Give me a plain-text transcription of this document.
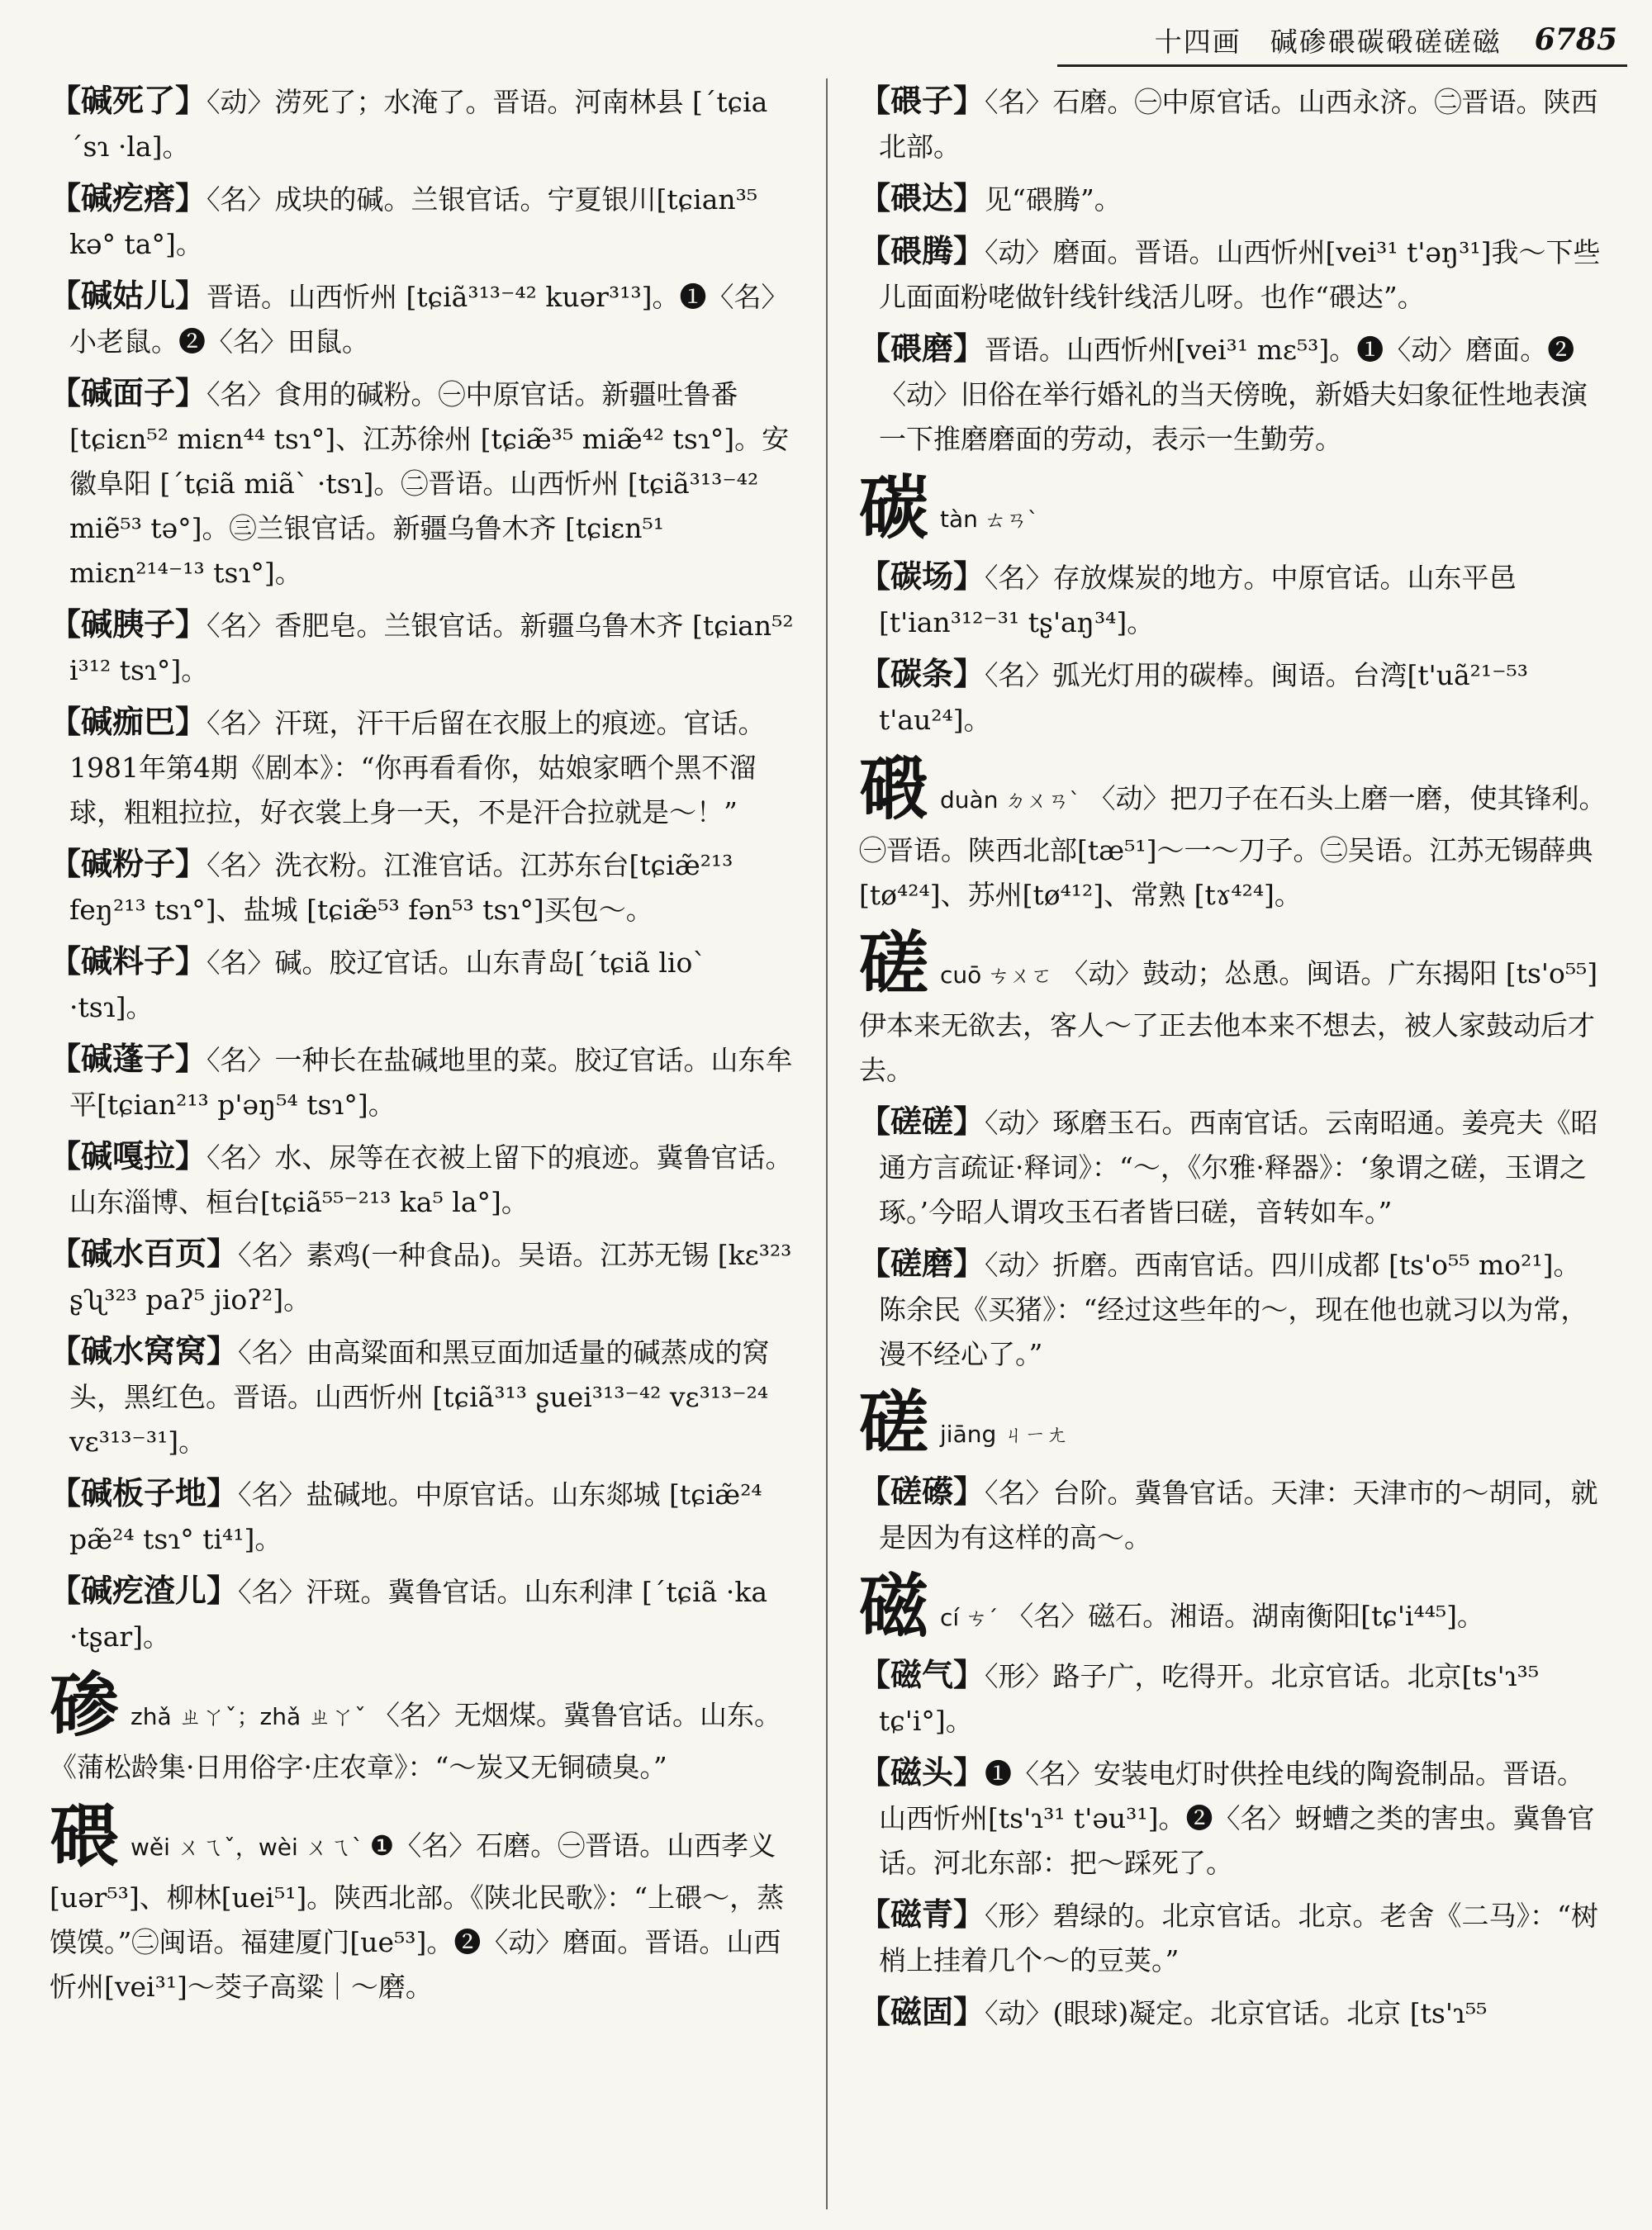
十四画　碱碜碨碳碫磋磋磁 6785
【碱死了】〈动〉涝死了；水淹了。晋语。河南林县 [ˊtɕia ˊsɿ ·la]。
【碱疙瘩】〈名〉成块的碱。兰银官话。宁夏银川[tɕian³⁵ kə° ta°]。
【碱姑儿】晋语。山西忻州 [tɕiã³¹³⁻⁴² kuər³¹³]。❶〈名〉小老鼠。❷〈名〉田鼠。
【碱面子】〈名〉食用的碱粉。㊀中原官话。新疆吐鲁番 [tɕiɛn⁵² miɛn⁴⁴ tsɿ°]、江苏徐州 [tɕiæ̃³⁵ miæ̃⁴² tsɿ°]。安徽阜阳 [ˊtɕiã miãˋ ·tsɿ]。㊁晋语。山西忻州 [tɕiã³¹³⁻⁴² miẽ⁵³ tə°]。㊂兰银官话。新疆乌鲁木齐 [tɕiɛn⁵¹ miɛn²¹⁴⁻¹³ tsɿ°]。
【碱胰子】〈名〉香肥皂。兰银官话。新疆乌鲁木齐 [tɕian⁵² i³¹² tsɿ°]。
【碱痂巴】〈名〉汗斑，汗干后留在衣服上的痕迹。官话。1981年第4期《剧本》：“你再看看你，姑娘家晒个黑不溜球，粗粗拉拉，好衣裳上身一天，不是汗合拉就是～！”
【碱粉子】〈名〉洗衣粉。江淮官话。江苏东台[tɕiæ̃²¹³ feŋ²¹³ tsɿ°]、盐城 [tɕiæ̃⁵³ fən⁵³ tsɿ°]买包～。
【碱料子】〈名〉碱。胶辽官话。山东青岛[ˊtɕiã lioˋ ·tsɿ]。
【碱蓬子】〈名〉一种长在盐碱地里的菜。胶辽官话。山东牟平[tɕian²¹³ p'əŋ⁵⁴ tsɿ°]。
【碱嘎拉】〈名〉水、尿等在衣被上留下的痕迹。冀鲁官话。山东淄博、桓台[tɕiã⁵⁵⁻²¹³ ka⁵ la°]。
【碱水百页】〈名〉素鸡(一种食品)。吴语。江苏无锡 [kɛ³²³ ʂʯ³²³ paʔ⁵ jioʔ²]。
【碱水窝窝】〈名〉由高粱面和黑豆面加适量的碱蒸成的窝头，黑红色。晋语。山西忻州 [tɕiã³¹³ ʂuei³¹³⁻⁴² vɛ³¹³⁻²⁴ vɛ³¹³⁻³¹]。
【碱板子地】〈名〉盐碱地。中原官话。山东郯城 [tɕiæ̃²⁴ pæ̃²⁴ tsɿ° ti⁴¹]。
【碱疙渣儿】〈名〉汗斑。冀鲁官话。山东利津 [ˊtɕiã ·ka ·tʂar]。
碜zhǎ ㄓㄚˇ；zhǎ ㄓㄚˇ 〈名〉无烟煤。冀鲁官话。山东。《蒲松龄集·日用俗字·庄农章》：“～炭又无铜碛臭。”
碨wěi ㄨㄟˇ，wèi ㄨㄟˋ ❶〈名〉石磨。㊀晋语。山西孝义[uər⁵³]、柳林[uei⁵¹]。陕西北部。《陕北民歌》：“上碨～，蒸馍馍。”㊁闽语。福建厦门[ue⁵³]。❷〈动〉磨面。晋语。山西忻州[vei³¹]～茭子高粱｜～磨。
【碨子】〈名〉石磨。㊀中原官话。山西永济。㊁晋语。陕西北部。
【碨达】见“碨腾”。
【碨腾】〈动〉磨面。晋语。山西忻州[vei³¹ t'əŋ³¹]我～下些儿面面粉咾做针线针线活儿呀。也作“碨达”。
【碨磨】晋语。山西忻州[vei³¹ mɛ⁵³]。❶〈动〉磨面。❷〈动〉旧俗在举行婚礼的当天傍晚，新婚夫妇象征性地表演一下推磨磨面的劳动，表示一生勤劳。
碳tàn ㄊㄢˋ
【碳场】〈名〉存放煤炭的地方。中原官话。山东平邑 [t'ian³¹²⁻³¹ tʂ'aŋ³⁴]。
【碳条】〈名〉弧光灯用的碳棒。闽语。台湾[t'uã²¹⁻⁵³ t'au²⁴]。
碫duàn ㄉㄨㄢˋ 〈动〉把刀子在石头上磨一磨，使其锋利。㊀晋语。陕西北部[tæ⁵¹]～一～刀子。㊁吴语。江苏无锡薛典[tø⁴²⁴]、苏州[tø⁴¹²]、常熟 [tɤ⁴²⁴]。
磋cuō ㄘㄨㄛ 〈动〉鼓动；怂恿。闽语。广东揭阳 [ts'o⁵⁵]伊本来无欲去，客人～了正去他本来不想去，被人家鼓动后才去。
【磋磋】〈动〉琢磨玉石。西南官话。云南昭通。姜亮夫《昭通方言疏证·释词》：“～，《尔雅·释器》：‘象谓之磋，玉谓之琢。’今昭人谓攻玉石者皆曰磋，音转如车。”
【磋磨】〈动〉折磨。西南官话。四川成都 [ts'o⁵⁵ mo²¹]。陈余民《买猪》：“经过这些年的～，现在他也就习以为常，漫不经心了。”
磋jiāng ㄐㄧㄤ
【磋礤】〈名〉台阶。冀鲁官话。天津：天津市的～胡同，就是因为有这样的高～。
磁cí ㄘˊ 〈名〉磁石。湘语。湖南衡阳[tɕ'i⁴⁴⁵]。
【磁气】〈形〉路子广，吃得开。北京官话。北京[ts'ɿ³⁵ tɕ'i°]。
【磁头】❶〈名〉安装电灯时供拴电线的陶瓷制品。晋语。山西忻州[ts'ɿ³¹ t'əu³¹]。❷〈名〉蚜螬之类的害虫。冀鲁官话。河北东部：把～踩死了。
【磁青】〈形〉碧绿的。北京官话。北京。老舍《二马》：“树梢上挂着几个～的豆荚。”
【磁固】〈动〉(眼球)凝定。北京官话。北京 [ts'ɿ⁵⁵
